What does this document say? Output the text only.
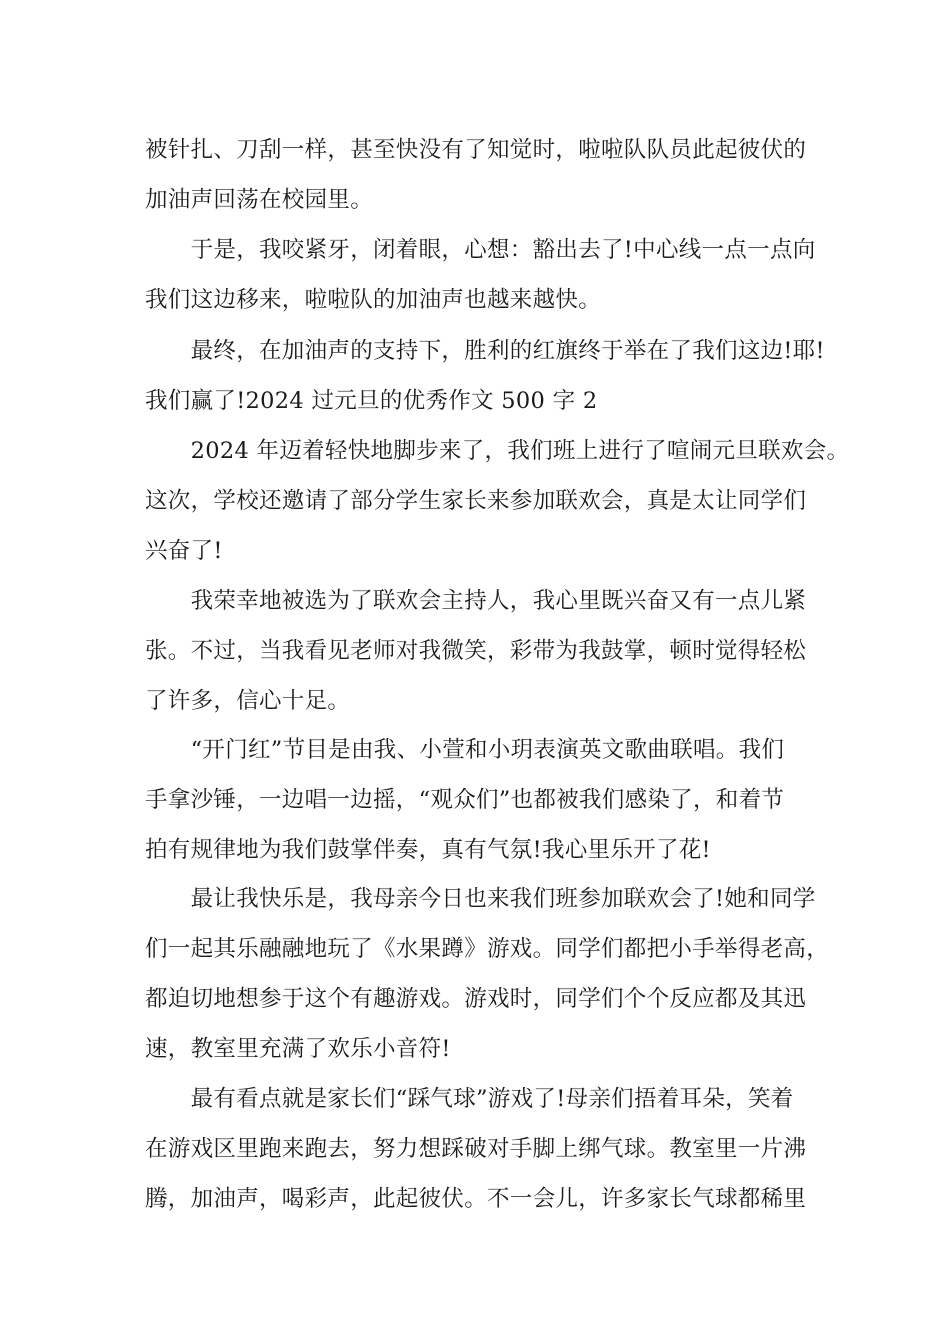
被针扎、刀刮一样，甚至快没有了知觉时，啦啦队队员此起彼伏的
加油声回荡在校园里。
　　于是，我咬紧牙，闭着眼，心想：豁出去了!中心线一点一点向
我们这边移来，啦啦队的加油声也越来越快。
　　最终，在加油声的支持下，胜利的红旗终于举在了我们这边!耶!
我们赢了!2024 过元旦的优秀作文 500 字 2
　　2024 年迈着轻快地脚步来了，我们班上进行了喧闹元旦联欢会。
这次，学校还邀请了部分学生家长来参加联欢会，真是太让同学们
兴奋了!
　　我荣幸地被选为了联欢会主持人，我心里既兴奋又有一点儿紧
张。不过，当我看见老师对我微笑，彩带为我鼓掌，顿时觉得轻松
了许多，信心十足。
　　“开门红”节目是由我、小萱和小玥表演英文歌曲联唱。我们
手拿沙锤，一边唱一边摇，“观众们”也都被我们感染了，和着节
拍有规律地为我们鼓掌伴奏，真有气氛!我心里乐开了花!
　　最让我快乐是，我母亲今日也来我们班参加联欢会了!她和同学
们一起其乐融融地玩了《水果蹲》游戏。同学们都把小手举得老高，
都迫切地想参于这个有趣游戏。游戏时，同学们个个反应都及其迅
速，教室里充满了欢乐小音符!
　　最有看点就是家长们“踩气球”游戏了!母亲们捂着耳朵，笑着
在游戏区里跑来跑去，努力想踩破对手脚上绑气球。教室里一片沸
腾，加油声，喝彩声，此起彼伏。不一会儿，许多家长气球都稀里
